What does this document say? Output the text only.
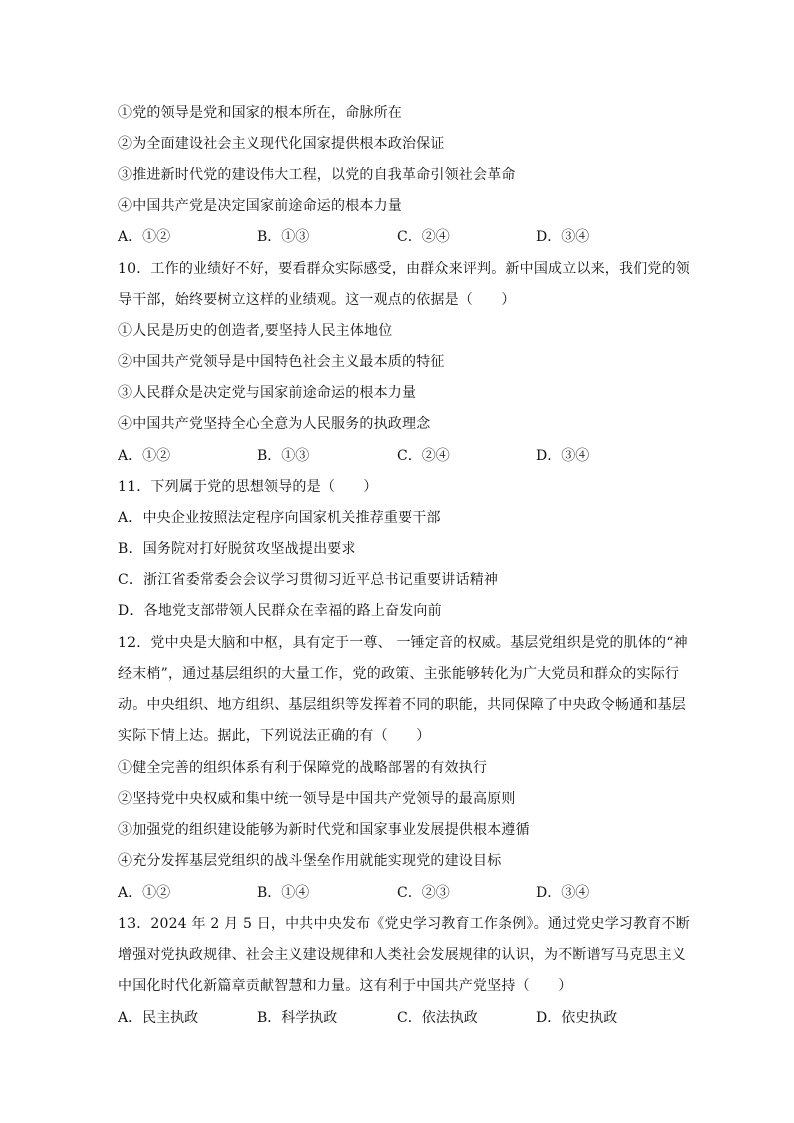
①党的领导是党和国家的根本所在，命脉所在
②为全面建设社会主义现代化国家提供根本政治保证
③推进新时代党的建设伟大工程，以党的自我革命引领社会革命
④中国共产党是决定国家前途命运的根本力量
A．①②	B．①③	C．②④	D．③④
10．工作的业绩好不好，要看群众实际感受，由群众来评判。新中国成立以来，我们党的领
导干部，始终要树立这样的业绩观。这一观点的依据是（　　）
①人民是历史的创造者,要坚持人民主体地位
②中国共产党领导是中国特色社会主义最本质的特征
③人民群众是决定党与国家前途命运的根本力量
④中国共产党坚持全心全意为人民服务的执政理念
A．①②	B．①③	C．②④	D．③④
11．下列属于党的思想领导的是（　　）
A．中央企业按照法定程序向国家机关推荐重要干部
B．国务院对打好脱贫攻坚战提出要求
C．浙江省委常委会会议学习贯彻习近平总书记重要讲话精神
D．各地党支部带领人民群众在幸福的路上奋发向前
12．党中央是大脑和中枢，具有定于一尊、 一锤定音的权威。基层党组织是党的肌体的“神
经末梢”，通过基层组织的大量工作，党的政策、主张能够转化为广大党员和群众的实际行
动。中央组织、地方组织、基层组织等发挥着不同的职能，共同保障了中央政令畅通和基层
实际下情上达。据此，下列说法正确的有（　　）
①健全完善的组织体系有利于保障党的战略部署的有效执行
②坚持党中央权威和集中统一领导是中国共产党领导的最高原则
③加强党的组织建设能够为新时代党和国家事业发展提供根本遵循
④充分发挥基层党组织的战斗堡垒作用就能实现党的建设目标
A．①②	B．①④	C．②③	D．③④
13．2024 年 2 月 5 日，中共中央发布《党史学习教育工作条例》。通过党史学习教育不断
增强对党执政规律、社会主义建设规律和人类社会发展规律的认识，为不断谱写马克思主义
中国化时代化新篇章贡献智慧和力量。这有利于中国共产党坚持（　　）
A．民主执政	B．科学执政	C．依法执政	D．依史执政
